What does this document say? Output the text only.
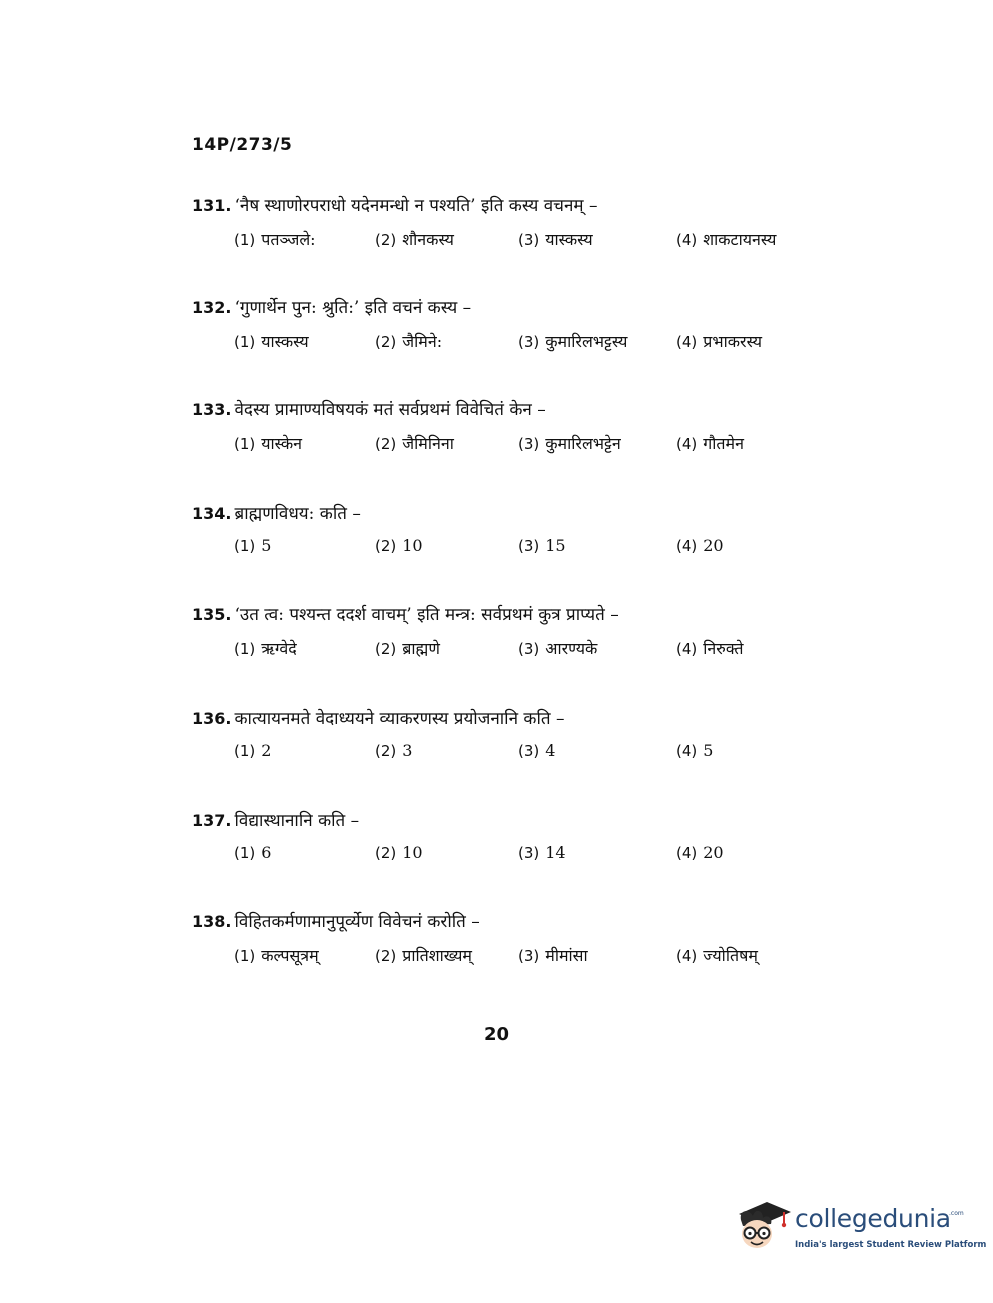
14P/273/5
131. ‘नैष स्थाणोरपराधो यदेनमन्धो न पश्यति’ इति कस्य वचनम् –
(1) पतञ्जले:	(2) शौनकस्य	(3) यास्कस्य	(4) शाकटायनस्य
132. ‘गुणार्थेन पुन: श्रुति:’ इति वचनं कस्य –
(1) यास्कस्य	(2) जैमिने:	(3) कुमारिलभट्टस्य	(4) प्रभाकरस्य
133. वेदस्य प्रामाण्यविषयकं मतं सर्वप्रथमं विवेचितं केन –
(1) यास्केन	(2) जैमिनिना	(3) कुमारिलभट्टेन	(4) गौतमेन
134. ब्राह्मणविधय: कति –
(1) 5	(2) 10	(3) 15	(4) 20
135. ‘उत त्व: पश्यन्त ददर्श वाचम्’ इति मन्त्र: सर्वप्रथमं कुत्र प्राप्यते –
(1) ऋग्वेदे	(2) ब्राह्मणे	(3) आरण्यके	(4) निरुक्ते
136. कात्यायनमते वेदाध्ययने व्याकरणस्य प्रयोजनानि कति –
(1) 2	(2) 3	(3) 4	(4) 5
137. विद्यास्थानानि कति –
(1) 6	(2) 10	(3) 14	(4) 20
138. विहितकर्मणामानुपूर्व्येण विवेचनं करोति –
(1) कल्पसूत्रम्	(2) प्रातिशाख्यम्	(3) मीमांसा	(4) ज्योतिषम्
20
collegedunia
.com
India's largest Student Review Platform
